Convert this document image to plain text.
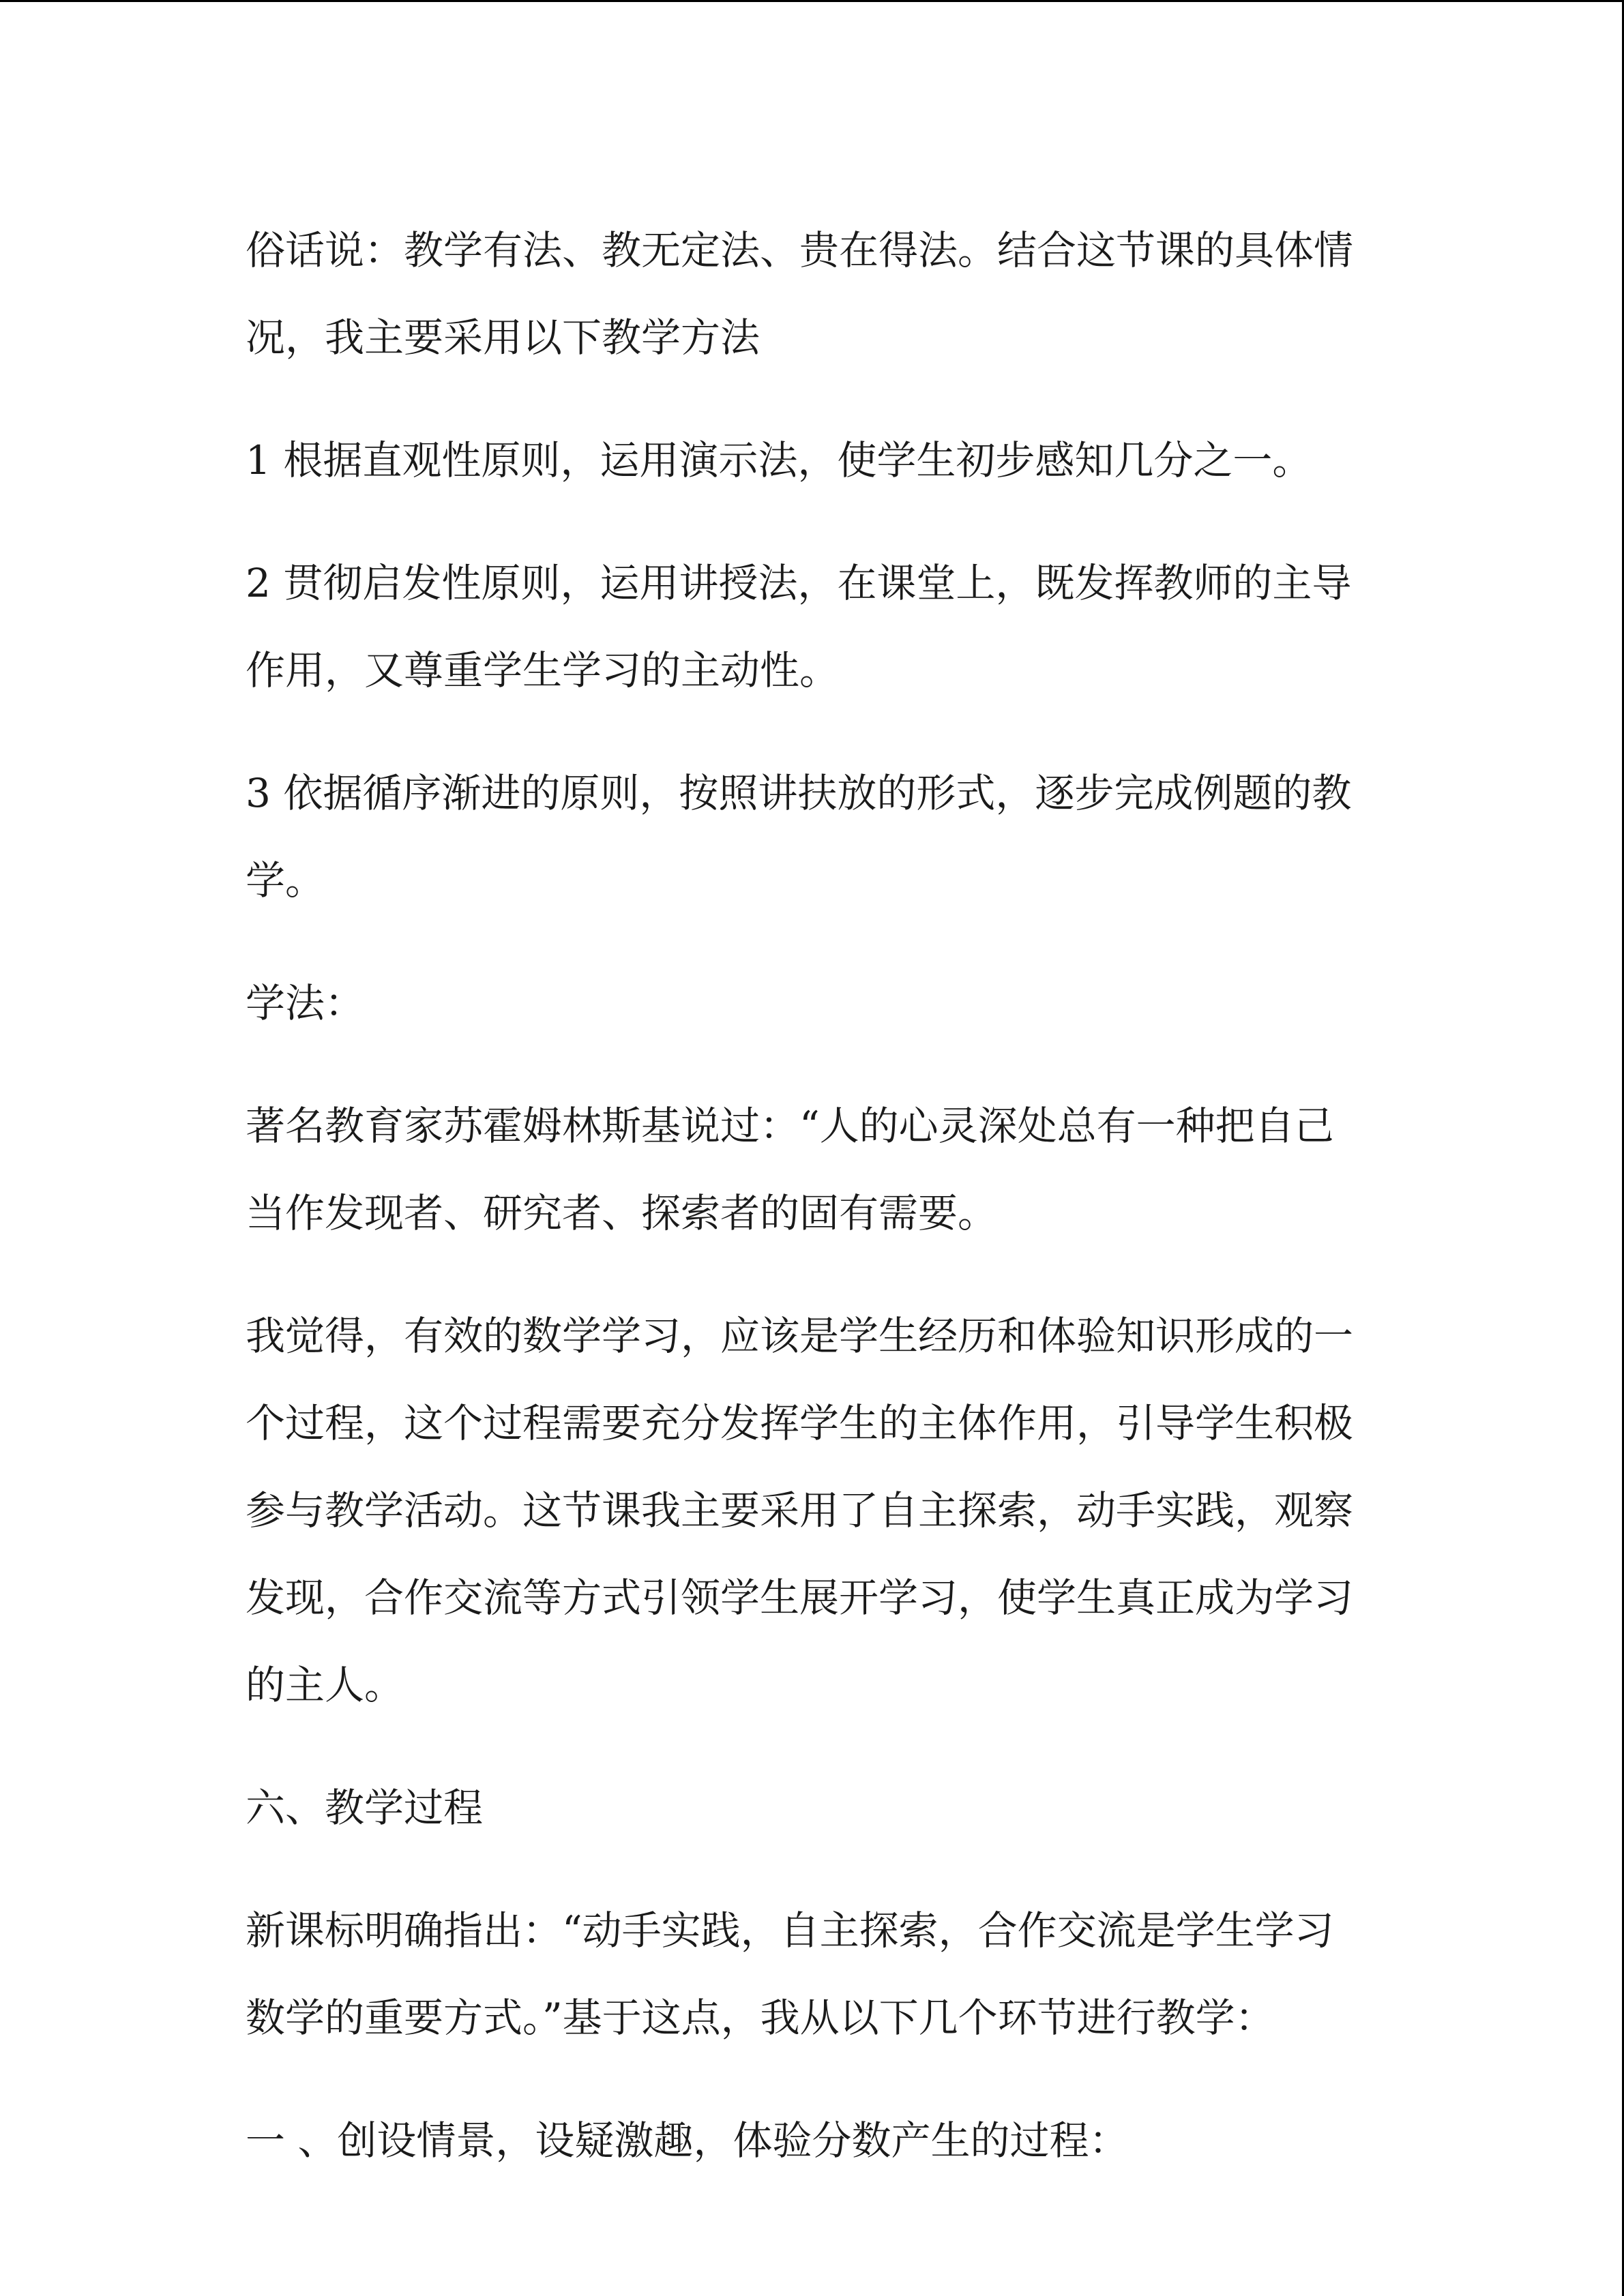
俗话说：教学有法、教无定法、贵在得法。结合这节课的具体情况，我主要采用以下教学方法

1 根据直观性原则，运用演示法，使学生初步感知几分之一。

2 贯彻启发性原则，运用讲授法，在课堂上，既发挥教师的主导作用，又尊重学生学习的主动性。

3 依据循序渐进的原则，按照讲扶放的形式，逐步完成例题的教学。

学法：

著名教育家苏霍姆林斯基说过：“人的心灵深处总有一种把自己当作发现者、研究者、探索者的固有需要。

我觉得，有效的数学学习，应该是学生经历和体验知识形成的一个过程，这个过程需要充分发挥学生的主体作用，引导学生积极参与教学活动。这节课我主要采用了自主探索，动手实践，观察发现，合作交流等方式引领学生展开学习，使学生真正成为学习的主人。

六、教学过程

新课标明确指出：“动手实践，自主探索，合作交流是学生学习数学的重要方式。”基于这点，我从以下几个环节进行教学：

一 、创设情景，设疑激趣，体验分数产生的过程：
